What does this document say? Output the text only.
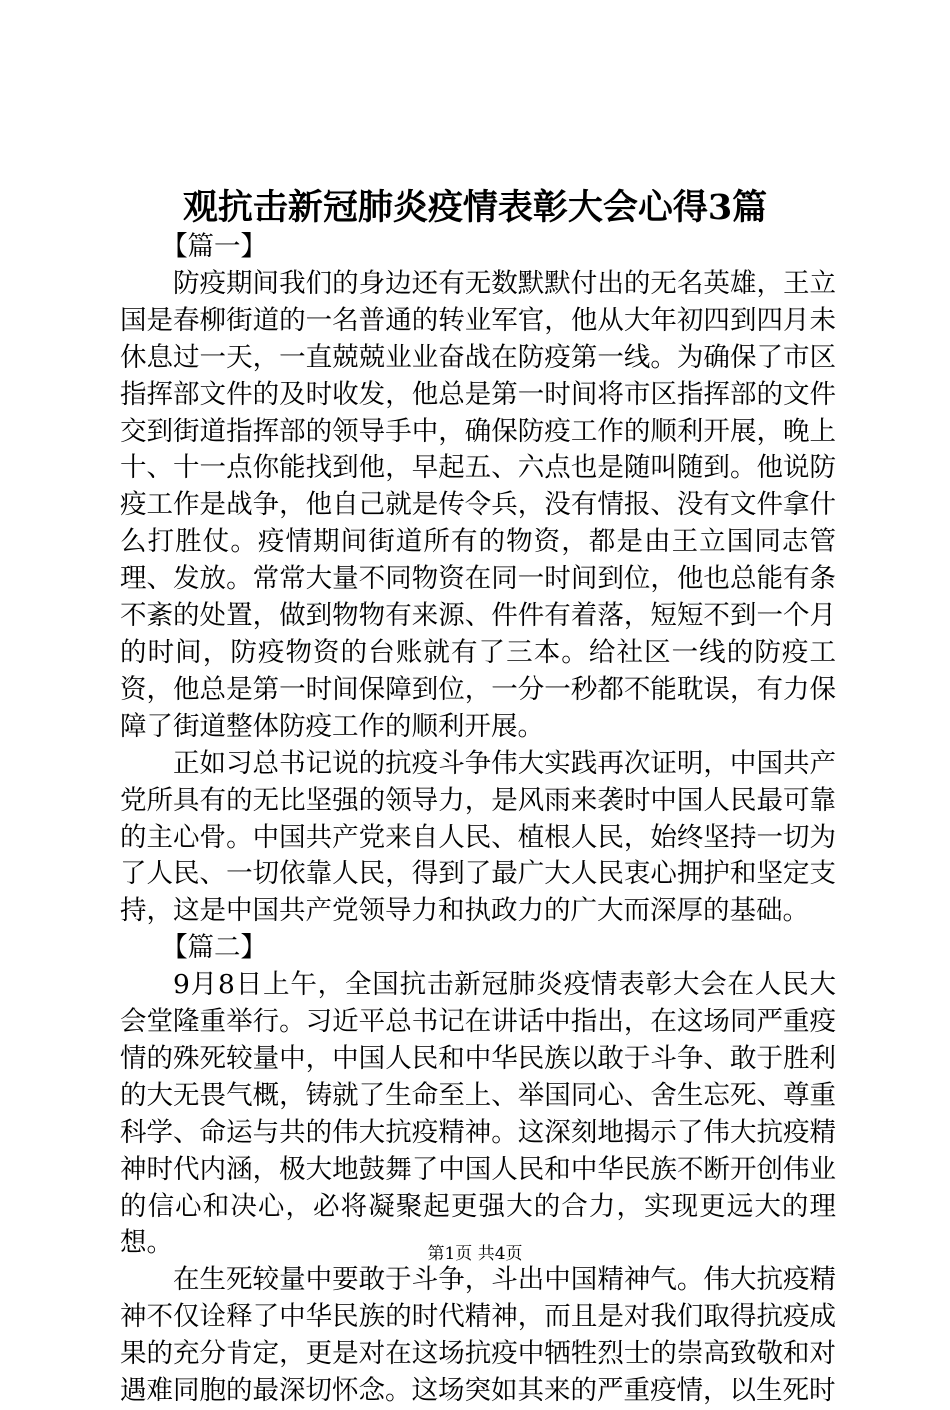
观抗击新冠肺炎疫情表彰大会心得3篇

【篇一】

防疫期间我们的身边还有无数默默付出的无名英雄，王立国是春柳街道的一名普通的转业军官，他从大年初四到四月未休息过一天，一直兢兢业业奋战在防疫第一线。为确保了市区指挥部文件的及时收发，他总是第一时间将市区指挥部的文件交到街道指挥部的领导手中，确保防疫工作的顺利开展，晚上十、十一点你能找到他，早起五、六点也是随叫随到。他说防疫工作是战争，他自己就是传令兵，没有情报、没有文件拿什么打胜仗。疫情期间街道所有的物资，都是由王立国同志管理、发放。常常大量不同物资在同一时间到位，他也总能有条不紊的处置，做到物物有来源、件件有着落，短短不到一个月的时间，防疫物资的台账就有了三本。给社区一线的防疫工资，他总是第一时间保障到位，一分一秒都不能耽误，有力保障了街道整体防疫工作的顺利开展。

正如习总书记说的抗疫斗争伟大实践再次证明，中国共产党所具有的无比坚强的领导力，是风雨来袭时中国人民最可靠的主心骨。中国共产党来自人民、植根人民，始终坚持一切为了人民、一切依靠人民，得到了最广大人民衷心拥护和坚定支持，这是中国共产党领导力和执政力的广大而深厚的基础。

【篇二】

9月8日上午，全国抗击新冠肺炎疫情表彰大会在人民大会堂隆重举行。习近平总书记在讲话中指出，在这场同严重疫情的殊死较量中，中国人民和中华民族以敢于斗争、敢于胜利的大无畏气概，铸就了生命至上、举国同心、舍生忘死、尊重科学、命运与共的伟大抗疫精神。这深刻地揭示了伟大抗疫精神时代内涵，极大地鼓舞了中国人民和中华民族不断开创伟业的信心和决心，必将凝聚起更强大的合力，实现更远大的理想。

在生死较量中要敢于斗争，斗出中国精神气。伟大抗疫精神不仅诠释了中华民族的时代精神，而且是对我们取得抗疫成果的充分肯定，更是对在这场抗疫中牺牲烈士的崇高致敬和对遇难同胞的最深切怀念。这场突如其来的严重疫情，以生死时

第1页 共4页
